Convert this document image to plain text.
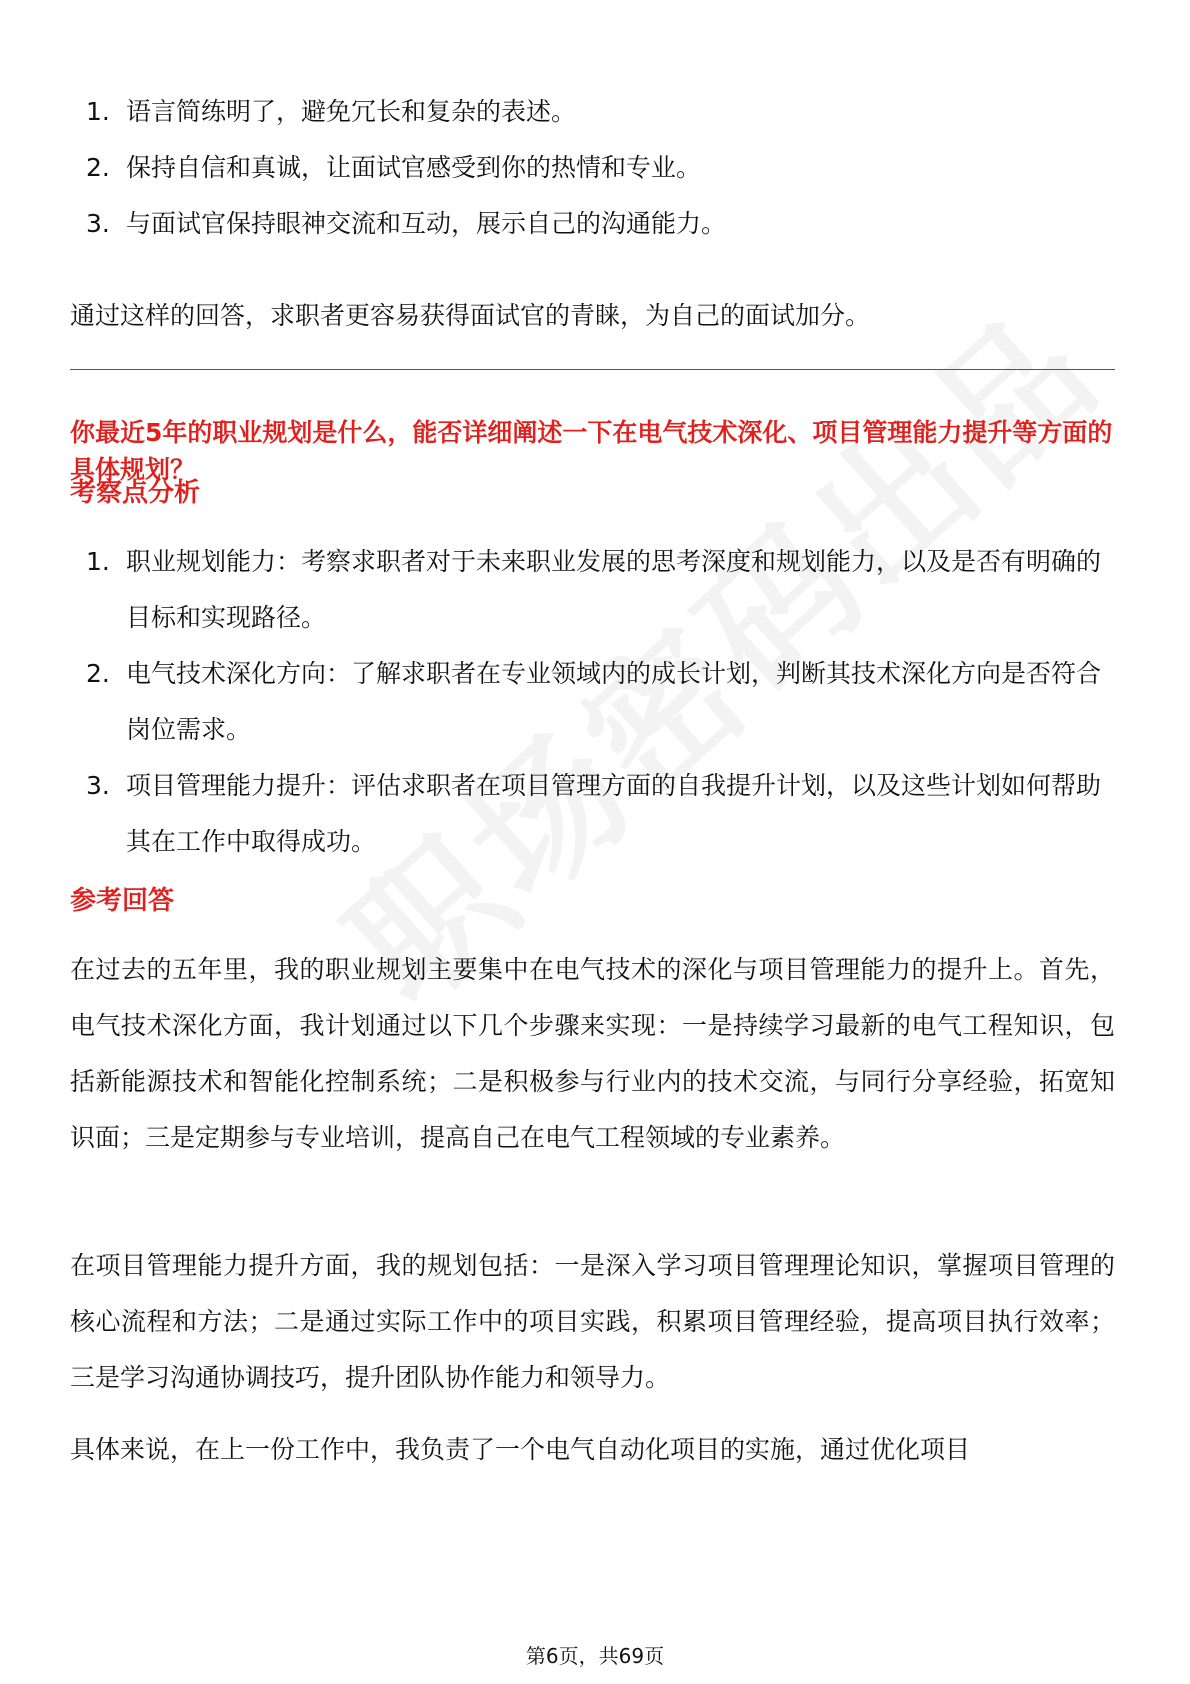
1. 语言简练明了，避免冗长和复杂的表述。
2. 保持自信和真诚，让面试官感受到你的热情和专业。
3. 与面试官保持眼神交流和互动，展示自己的沟通能力。

通过这样的回答，求职者更容易获得面试官的青睐，为自己的面试加分。

你最近5年的职业规划是什么，能否详细阐述一下在电气技术深化、项目管理能力提升等方面的具体规划？

考察点分析
1. 职业规划能力：考察求职者对于未来职业发展的思考深度和规划能力，以及是否有明确的目标和实现路径。
2. 电气技术深化方向：了解求职者在专业领域内的成长计划，判断其技术深化方向是否符合岗位需求。
3. 项目管理能力提升：评估求职者在项目管理方面的自我提升计划，以及这些计划如何帮助其在工作中取得成功。
参考回答

在过去的五年里，我的职业规划主要集中在电气技术的深化与项目管理能力的提升上。首先，电气技术深化方面，我计划通过以下几个步骤来实现：一是持续学习最新的电气工程知识，包括新能源技术和智能化控制系统；二是积极参与行业内的技术交流，与同行分享经验，拓宽知识面；三是定期参与专业培训，提高自己在电气工程领域的专业素养。

在项目管理能力提升方面，我的规划包括：一是深入学习项目管理理论知识，掌握项目管理的核心流程和方法；二是通过实际工作中的项目实践，积累项目管理经验，提高项目执行效率；三是学习沟通协调技巧，提升团队协作能力和领导力。

具体来说，在上一份工作中，我负责了一个电气自动化项目的实施，通过优化项目

第6页，共69页
